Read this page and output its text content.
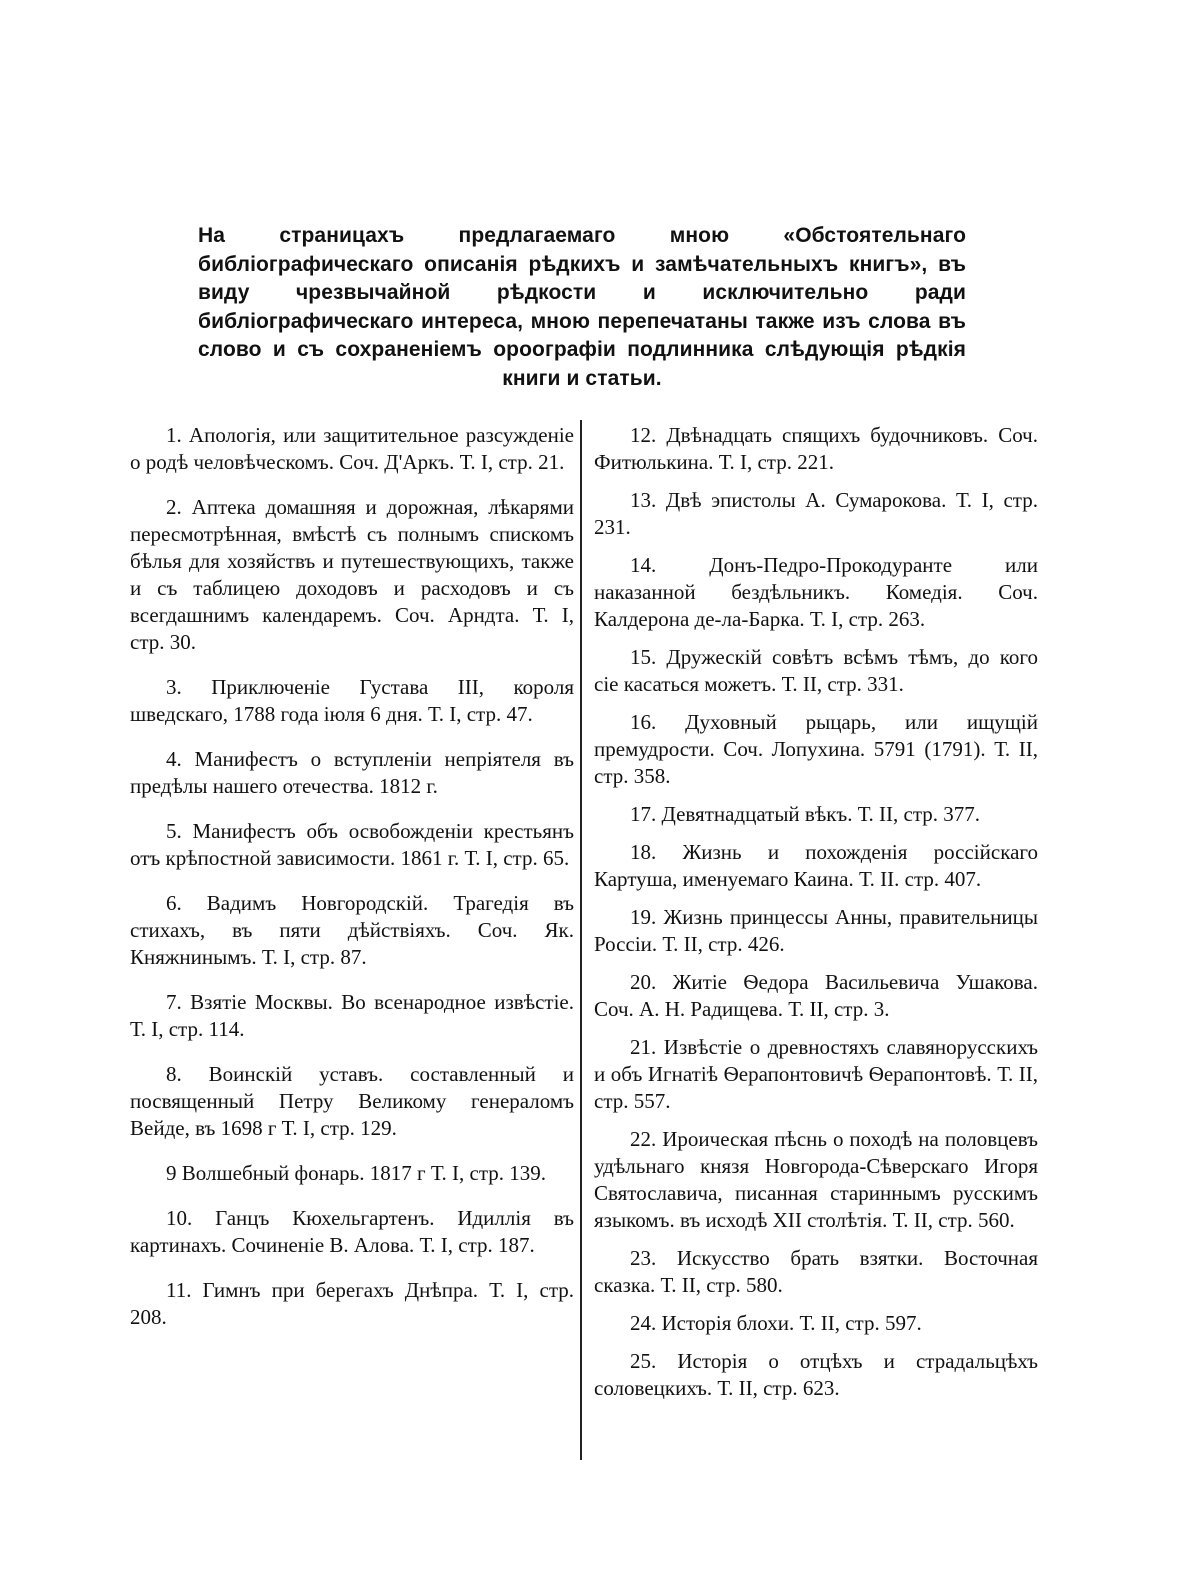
На страницахъ предлагаемаго мною «Обстоятельнаго библіографическаго описанія рѣдкихъ и замѣчательныхъ книгъ», въ виду чрезвычайной рѣдкости и исключительно ради библіографическаго интереса, мною перепечатаны также изъ слова въ слово и съ сохраненіемъ ороографіи подлинника слѣдующія рѣдкія книги и статьи.

1. Апологія, или защитительное разсужденіе о родѣ человѣческомъ. Соч. Д'Аркъ. Т. I, стр. 21.

2. Аптека домашняя и дорожная, лѣкарями пересмотрѣнная, вмѣстѣ съ полнымъ спискомъ бѣлья для хозяйствъ и путешествующихъ, также и съ таблицею доходовъ и расходовъ и съ всегдашнимъ календаремъ. Соч. Арндта. Т. I, стр. 30.

3. Приключеніе Густава III, короля шведскаго, 1788 года іюля 6 дня. Т. I, стр. 47.

4. Манифестъ о вступленіи непріятеля въ предѣлы нашего отечества. 1812 г.

5. Манифестъ объ освобожденіи крестьянъ отъ крѣпостной зависимости. 1861 г. Т. I, стр. 65.

6. Вадимъ Новгородскій. Трагедія въ стихахъ, въ пяти дѣйствіяхъ. Соч. Як. Княжнинымъ. Т. I, стр. 87.

7. Взятіе Москвы. Во всенародное извѣстіе. Т. I, стр. 114.

8. Воинскій уставъ. составленный и посвященный Петру Великому генераломъ Вейде, въ 1698 г Т. I, стр. 129.

9 Волшебный фонарь. 1817 г Т. I, стр. 139.

10. Ганцъ Кюхельгартенъ. Идиллія въ картинахъ. Сочиненіе В. Алова. Т. I, стр. 187.

11. Гимнъ при берегахъ Днѣпра. Т. I, стр. 208.

12. Двѣнадцать спящихъ будочниковъ. Соч. Фитюлькина. Т. I, стр. 221.

13. Двѣ эпистолы А. Сумарокова. Т. I, стр. 231.

14. Донъ-Педро-Прокодуранте или наказанной бездѣльникъ. Комедія. Соч. Калдерона де-ла-Барка. Т. I, стр. 263.

15. Дружескій совѣтъ всѣмъ тѣмъ, до кого сіе касаться можетъ. Т. II, стр. 331.

16. Духовный рыцарь, или ищущій премудрости. Соч. Лопухина. 5791 (1791). Т. II, стр. 358.

17. Девятнадцатый вѣкъ. Т. II, стр. 377.

18. Жизнь и похожденія россійскаго Картуша, именуемаго Каина. Т. II. стр. 407.

19. Жизнь принцессы Анны, правительницы Россіи. Т. II, стр. 426.

20. Житіе Ѳедора Васильевича Ушакова. Соч. А. Н. Радищева. Т. II, стр. 3.

21. Извѣстіе о древностяхъ славянорусскихъ и объ Игнатіѣ Ѳерапонтовичѣ Ѳерапонтовѣ. Т. II, стр. 557.

22. Ироическая пѣснь о походѣ на половцевъ удѣльнаго князя Новгорода-Сѣверскаго Игоря Святославича, писанная стариннымъ русскимъ языкомъ. въ исходѣ XII столѣтія. Т. II, стр. 560.

23. Искусство брать взятки. Восточная сказка. Т. II, стр. 580.

24. Исторія блохи. Т. II, стр. 597.

25. Исторія о отцѣхъ и страдальцѣхъ соловецкихъ. Т. II, стр. 623.
